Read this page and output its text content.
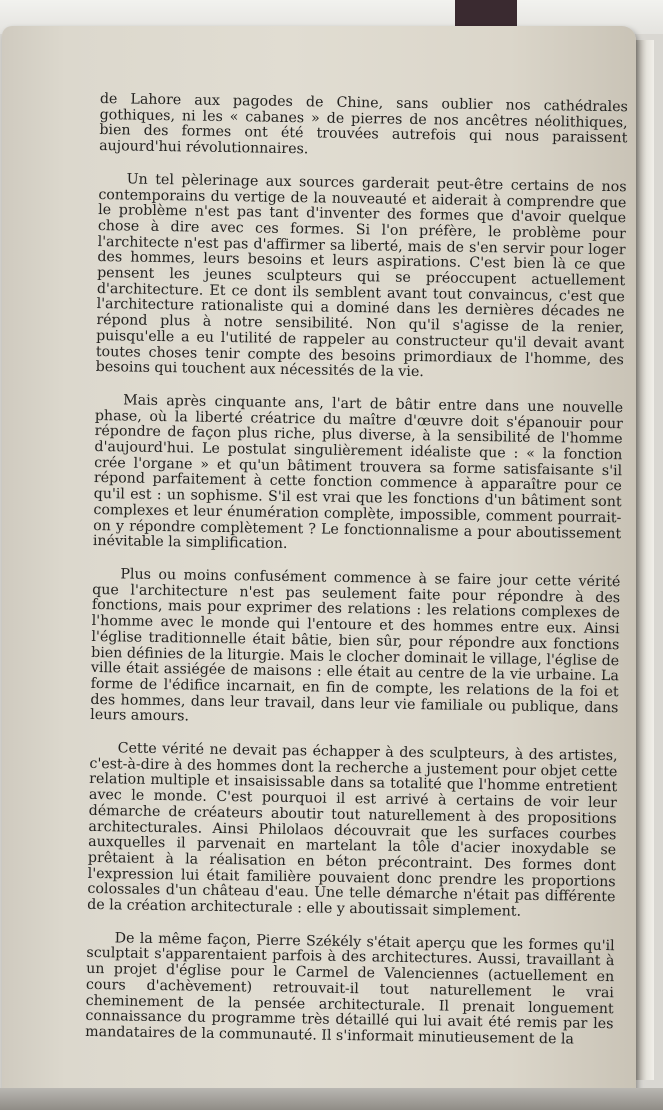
de Lahore aux pagodes de Chine, sans oublier nos cathédrales gothiques, ni les « cabanes » de pierres de nos ancêtres néolithiques, bien des formes ont été trouvées autrefois qui nous paraissent aujourd'hui révolutionnaires.

Un tel pèlerinage aux sources garderait peut-être certains de nos contemporains du vertige de la nouveauté et aiderait à comprendre que le problème n'est pas tant d'inventer des formes que d'avoir quelque chose à dire avec ces formes. Si l'on préfère, le problème pour l'architecte n'est pas d'affirmer sa liberté, mais de s'en servir pour loger des hommes, leurs besoins et leurs aspirations. C'est bien là ce que pensent les jeunes sculpteurs qui se préoccupent actuellement d'architecture. Et ce dont ils semblent avant tout convaincus, c'est que l'architecture rationaliste qui a dominé dans les dernières décades ne répond plus à notre sensibilité. Non qu'il s'agisse de la renier, puisqu'elle a eu l'utilité de rappeler au constructeur qu'il devait avant toutes choses tenir compte des besoins primordiaux de l'homme, des besoins qui touchent aux nécessités de la vie.

Mais après cinquante ans, l'art de bâtir entre dans une nouvelle phase, où la liberté créatrice du maître d'œuvre doit s'épanouir pour répondre de façon plus riche, plus diverse, à la sensibilité de l'homme d'aujourd'hui. Le postulat singulièrement idéaliste que : « la fonction crée l'organe » et qu'un bâtiment trouvera sa forme satisfaisante s'il répond parfaitement à cette fonction commence à apparaître pour ce qu'il est : un sophisme. S'il est vrai que les fonctions d'un bâtiment sont complexes et leur énumération complète, impossible, comment pourrait-on y répondre complètement ? Le fonctionnalisme a pour aboutissement inévitable la simplification.

Plus ou moins confusément commence à se faire jour cette vérité que l'architecture n'est pas seulement faite pour répondre à des fonctions, mais pour exprimer des relations : les relations complexes de l'homme avec le monde qui l'entoure et des hommes entre eux. Ainsi l'église traditionnelle était bâtie, bien sûr, pour répondre aux fonctions bien définies de la liturgie. Mais le clocher dominait le village, l'église de ville était assiégée de maisons : elle était au centre de la vie urbaine. La forme de l'édifice incarnait, en fin de compte, les relations de la foi et des hommes, dans leur travail, dans leur vie familiale ou publique, dans leurs amours.

Cette vérité ne devait pas échapper à des sculpteurs, à des artistes, c'est-à-dire à des hommes dont la recherche a justement pour objet cette relation multiple et insaisissable dans sa totalité que l'homme entretient avec le monde. C'est pourquoi il est arrivé à certains de voir leur démarche de créateurs aboutir tout naturellement à des propositions architecturales. Ainsi Philolaos découvrait que les surfaces courbes auxquelles il parvenait en martelant la tôle d'acier inoxydable se prêtaient à la réalisation en béton précontraint. Des formes dont l'expression lui était familière pouvaient donc prendre les proportions colossales d'un château d'eau. Une telle démarche n'était pas différente de la création architecturale : elle y aboutissait simplement.

De la même façon, Pierre Székély s'était aperçu que les formes qu'il sculptait s'apparentaient parfois à des architectures. Aussi, travaillant à un projet d'église pour le Carmel de Valenciennes (actuellement en cours d'achèvement) retrouvait-il tout naturellement le vrai cheminement de la pensée architecturale. Il prenait longuement connaissance du programme très détaillé qui lui avait été remis par les mandataires de la communauté. Il s'informait minutieusement de la
